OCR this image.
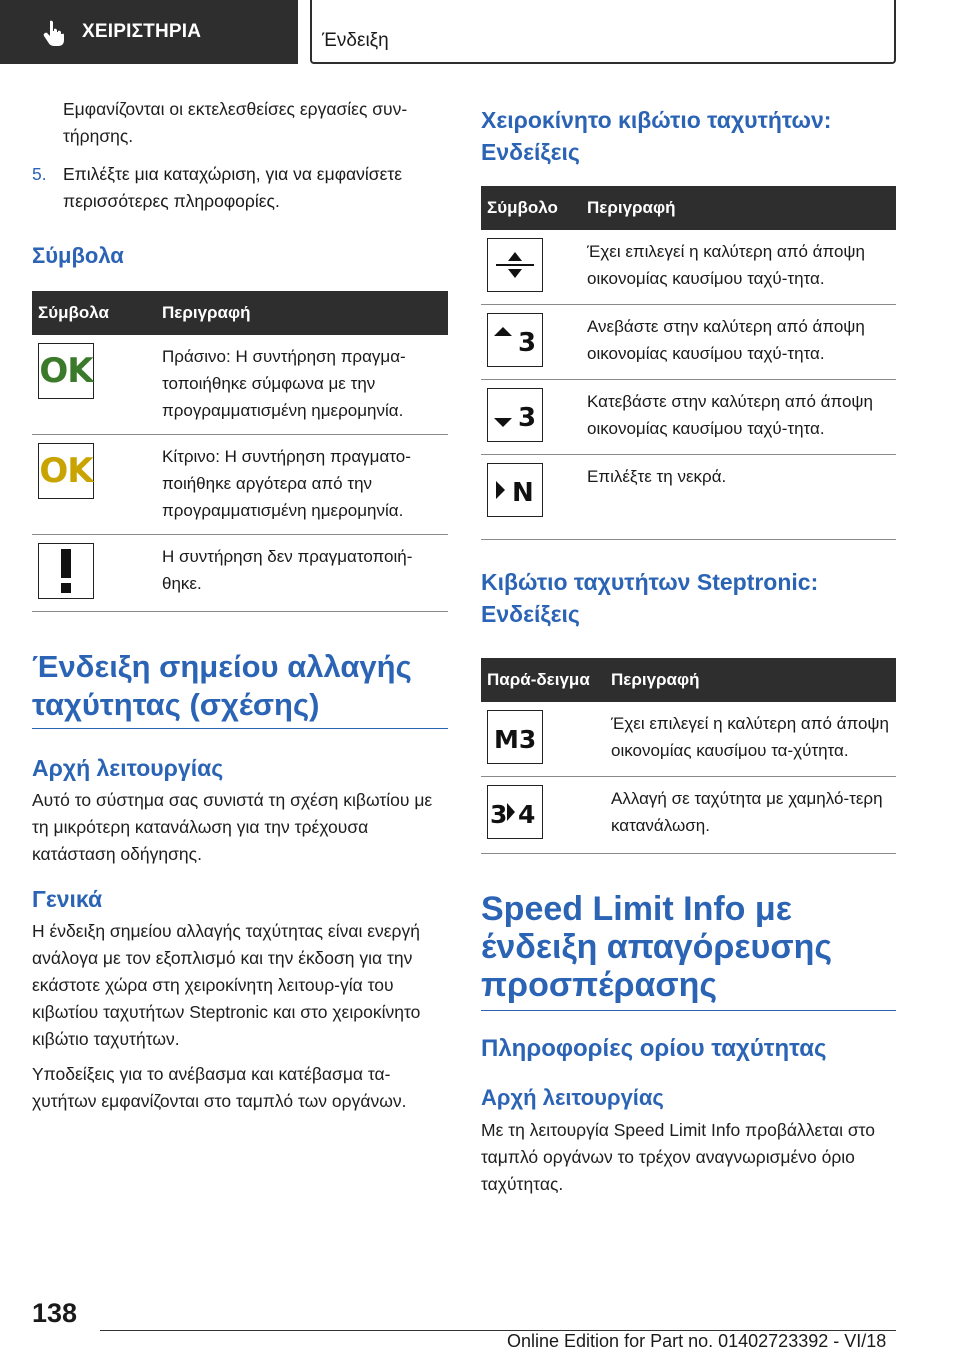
ΧΕΙΡΙΣΤΗΡΙΑ	Ένδειξη

Εμφανίζονται οι εκτελεσθείσες εργασίες συν-τήρησης.

5. Επιλέξτε μια καταχώριση, για να εμφανίσετε περισσότερες πληροφορίες.
Σύμβολα
Σύμβολα	Περιγραφή

OK	Πράσινο: Η συντήρηση πραγμα-τοποιήθηκε σύμφωνα με την προγραμματισμένη ημερομηνία.

OK	Κίτρινο: Η συντήρηση πραγματο-ποιήθηκε αργότερα από την προγραμματισμένη ημερομηνία.

	Η συντήρηση δεν πραγματοποιή-θηκε.
Ένδειξη σημείου αλλαγής ταχύτητας (σχέσης)
Αρχή λειτουργίας

Αυτό το σύστημα σας συνιστά τη σχέση κιβωτίου με τη μικρότερη κατανάλωση για την τρέχουσα κατάσταση οδήγησης.

Γενικά

Η ένδειξη σημείου αλλαγής ταχύτητας είναι ενεργή ανάλογα με τον εξοπλισμό και την έκδοση για την εκάστοτε χώρα στη χειροκίνητη λειτουρ-γία του κιβωτίου ταχυτήτων Steptronic και στο χειροκίνητο κιβώτιο ταχυτήτων.

Υποδείξεις για το ανέβασμα και κατέβασμα τα-χυτήτων εμφανίζονται στο ταμπλό των οργάνων.

Χειροκίνητο κιβώτιο ταχυτήτων: Ενδείξεις
Σύμβολο	Περιγραφή

	Έχει επιλεγεί η καλύτερη από άποψη οικονομίας καυσίμου ταχύ-τητα.

3	Ανεβάστε στην καλύτερη από άποψη οικονομίας καυσίμου ταχύ-τητα.

3	Κατεβάστε στην καλύτερη από άποψη οικονομίας καυσίμου ταχύ-τητα.

N	Επιλέξτε τη νεκρά.
Κιβώτιο ταχυτήτων Steptronic: Ενδείξεις
Παρά-δειγμα	Περιγραφή

M3	Έχει επιλεγεί η καλύτερη από άποψη οικονομίας καυσίμου τα-χύτητα.

3 4	Αλλαγή σε ταχύτητα με χαμηλό-τερη κατανάλωση.
Speed Limit Info με ένδειξη απαγόρευσης προσπέρασης
Πληροφορίες ορίου ταχύτητας
Αρχή λειτουργίας

Με τη λειτουργία Speed Limit Info προβάλλεται στο ταμπλό οργάνων το τρέχον αναγνωρισμένο όριο ταχύτητας.

138
Online Edition for Part no. 01402723392 - VI/18
